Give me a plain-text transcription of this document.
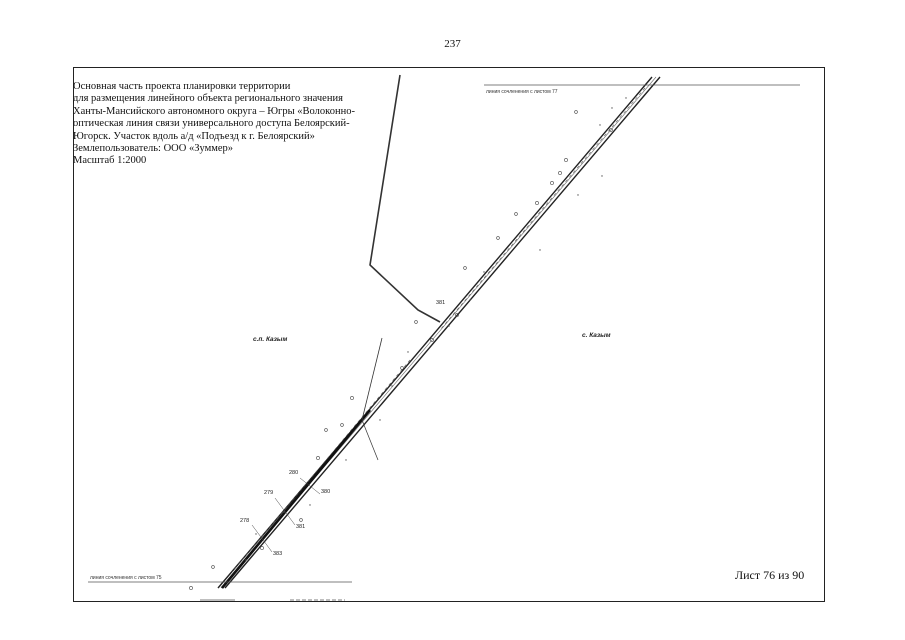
237
линия сочленения с листом 77
линия сочленения с листом 75
с.п. Казым
с. Казым
381
280
380
279
278
381
383
Основная часть проекта планировки территории
для размещения линейного объекта регионального значения
Ханты-Мансийского автономного округа – Югры «Волоконно-
оптическая линия связи универсального доступа Белоярский-
Югорск. Участок вдоль а/д «Подъезд к г. Белоярский»
Землепользователь: ООО «Зуммер»
Масштаб 1:2000
Лист 76 из 90
